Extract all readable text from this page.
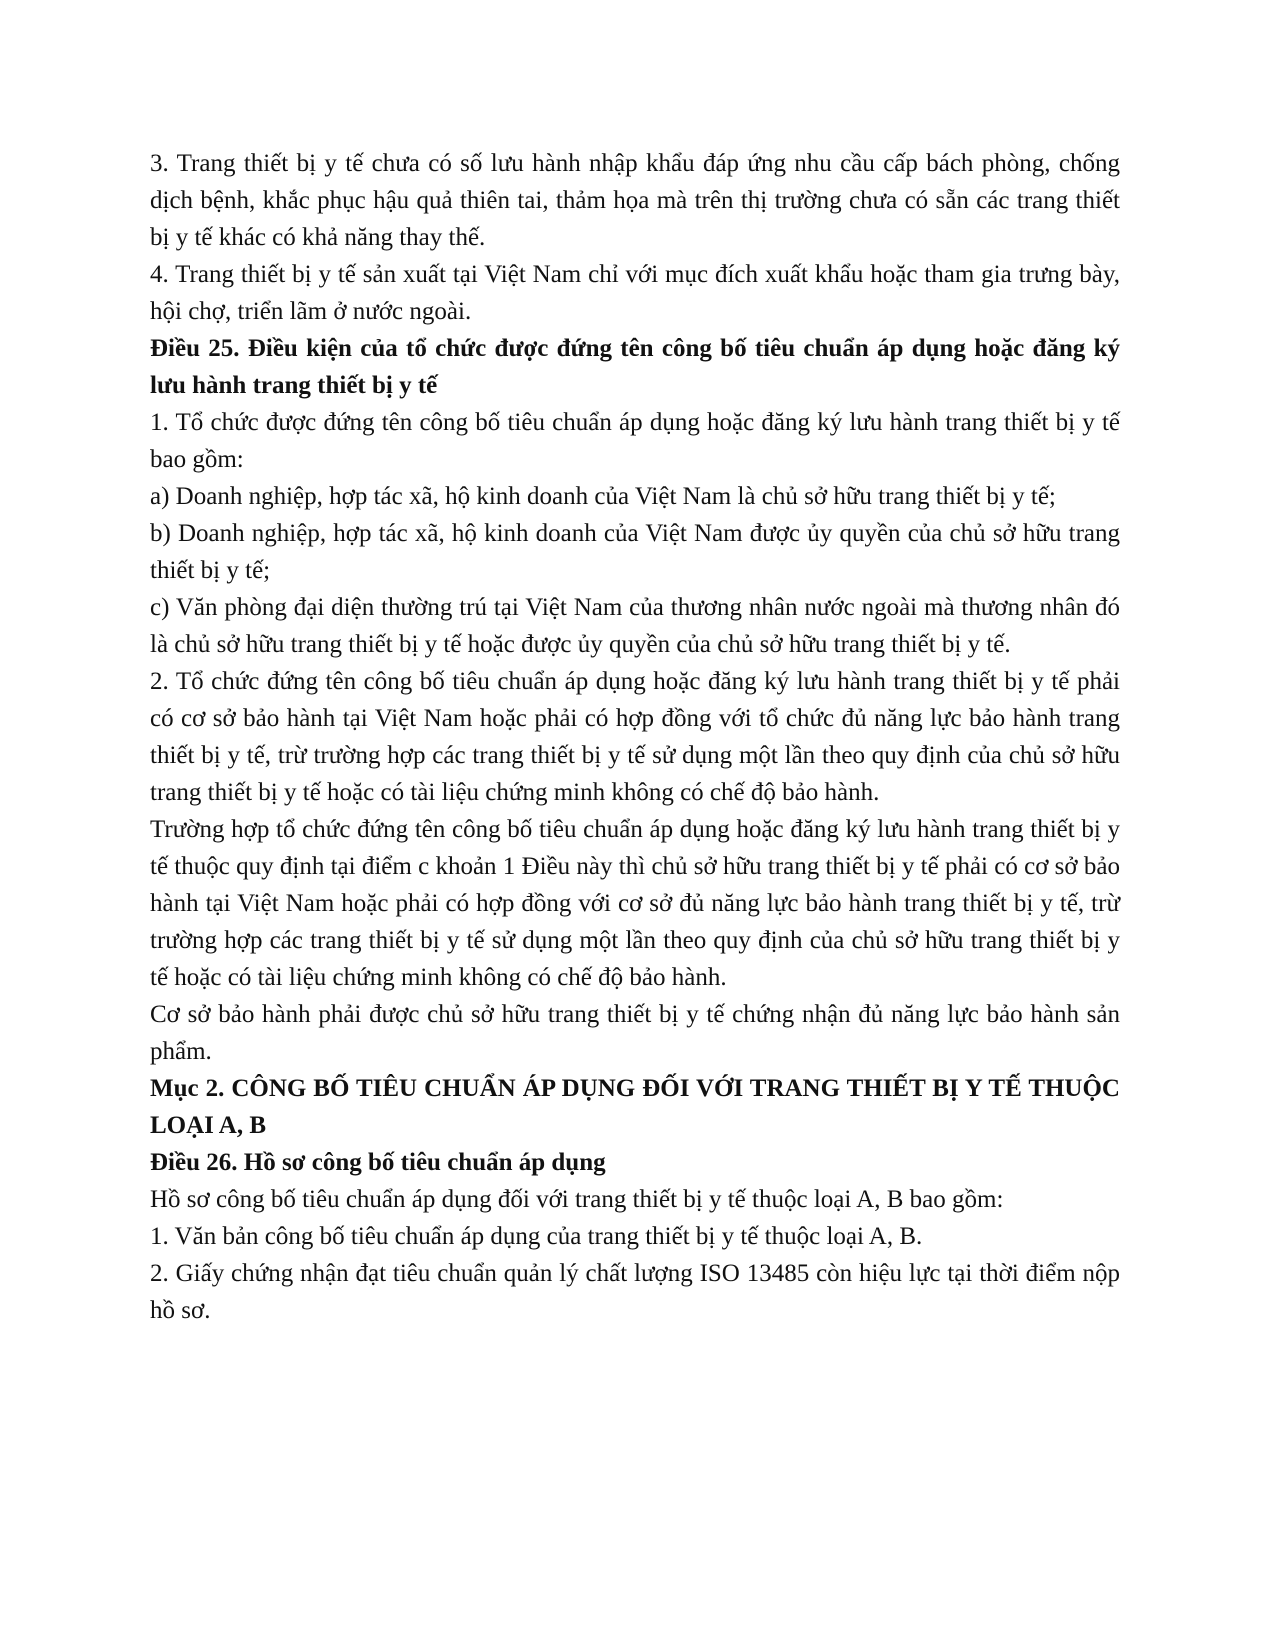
3. Trang thiết bị y tế chưa có số lưu hành nhập khẩu đáp ứng nhu cầu cấp bách phòng, chống dịch bệnh, khắc phục hậu quả thiên tai, thảm họa mà trên thị trường chưa có sẵn các trang thiết bị y tế khác có khả năng thay thế.

4. Trang thiết bị y tế sản xuất tại Việt Nam chỉ với mục đích xuất khẩu hoặc tham gia trưng bày, hội chợ, triển lãm ở nước ngoài.

Điều 25. Điều kiện của tổ chức được đứng tên công bố tiêu chuẩn áp dụng hoặc đăng ký lưu hành trang thiết bị y tế

1. Tổ chức được đứng tên công bố tiêu chuẩn áp dụng hoặc đăng ký lưu hành trang thiết bị y tế bao gồm:

a) Doanh nghiệp, hợp tác xã, hộ kinh doanh của Việt Nam là chủ sở hữu trang thiết bị y tế;

b) Doanh nghiệp, hợp tác xã, hộ kinh doanh của Việt Nam được ủy quyền của chủ sở hữu trang thiết bị y tế;

c) Văn phòng đại diện thường trú tại Việt Nam của thương nhân nước ngoài mà thương nhân đó là chủ sở hữu trang thiết bị y tế hoặc được ủy quyền của chủ sở hữu trang thiết bị y tế.

2. Tổ chức đứng tên công bố tiêu chuẩn áp dụng hoặc đăng ký lưu hành trang thiết bị y tế phải có cơ sở bảo hành tại Việt Nam hoặc phải có hợp đồng với tổ chức đủ năng lực bảo hành trang thiết bị y tế, trừ trường hợp các trang thiết bị y tế sử dụng một lần theo quy định của chủ sở hữu trang thiết bị y tế hoặc có tài liệu chứng minh không có chế độ bảo hành.

Trường hợp tổ chức đứng tên công bố tiêu chuẩn áp dụng hoặc đăng ký lưu hành trang thiết bị y tế thuộc quy định tại điểm c khoản 1 Điều này thì chủ sở hữu trang thiết bị y tế phải có cơ sở bảo hành tại Việt Nam hoặc phải có hợp đồng với cơ sở đủ năng lực bảo hành trang thiết bị y tế, trừ trường hợp các trang thiết bị y tế sử dụng một lần theo quy định của chủ sở hữu trang thiết bị y tế hoặc có tài liệu chứng minh không có chế độ bảo hành.

Cơ sở bảo hành phải được chủ sở hữu trang thiết bị y tế chứng nhận đủ năng lực bảo hành sản phẩm.

Mục 2. CÔNG BỐ TIÊU CHUẨN ÁP DỤNG ĐỐI VỚI TRANG THIẾT BỊ Y TẾ THUỘC LOẠI A, B

Điều 26. Hồ sơ công bố tiêu chuẩn áp dụng

Hồ sơ công bố tiêu chuẩn áp dụng đối với trang thiết bị y tế thuộc loại A, B bao gồm:

1. Văn bản công bố tiêu chuẩn áp dụng của trang thiết bị y tế thuộc loại A, B.

2. Giấy chứng nhận đạt tiêu chuẩn quản lý chất lượng ISO 13485 còn hiệu lực tại thời điểm nộp hồ sơ.
